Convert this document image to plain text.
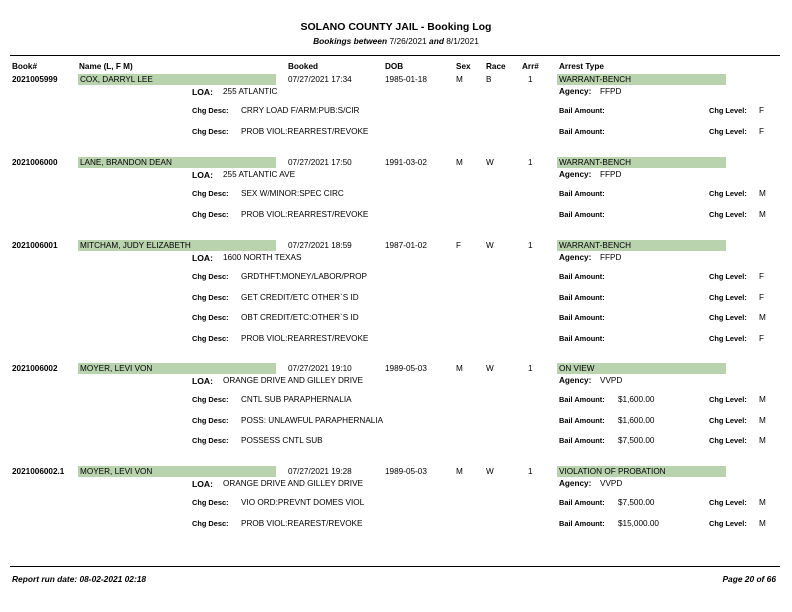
SOLANO COUNTY JAIL - Booking Log
Bookings between 7/26/2021 and 8/1/2021
Book#	Name (L, F M)	Booked	DOB	Sex Race Arr# Arrest Type
2021005999	COX, DARRYL LEE	07/27/2021 17:34	1985-01-18	M	B	1	WARRANT-BENCH
LOA: 255 ATLANTIC	Agency: FFPD
Chg Desc: CRRY LOAD F/ARM:PUB:S/CIR	Bail Amount:	Chg Level: F
Chg Desc: PROB VIOL:REARREST/REVOKE	Bail Amount:	Chg Level: F
2021006000	LANE, BRANDON DEAN	07/27/2021 17:50	1991-03-02	M	W	1	WARRANT-BENCH
LOA: 255 ATLANTIC AVE	Agency: FFPD
Chg Desc: SEX W/MINOR:SPEC CIRC	Bail Amount:	Chg Level: M
Chg Desc: PROB VIOL:REARREST/REVOKE	Bail Amount:	Chg Level: M
2021006001	MITCHAM, JUDY ELIZABETH	07/27/2021 18:59	1987-01-02	F	W	1	WARRANT-BENCH
LOA: 1600 NORTH TEXAS	Agency: FFPD
Chg Desc: GRDTHFT:MONEY/LABOR/PROP	Bail Amount:	Chg Level: F
Chg Desc: GET CREDIT/ETC OTHER`S ID	Bail Amount:	Chg Level: F
Chg Desc: OBT CREDIT/ETC:OTHER`S ID	Bail Amount:	Chg Level: M
Chg Desc: PROB VIOL:REARREST/REVOKE	Bail Amount:	Chg Level: F
2021006002	MOYER, LEVI VON	07/27/2021 19:10	1989-05-03	M	W	1	ON VIEW
LOA: ORANGE DRIVE AND GILLEY DRIVE	Agency: VVPD
Chg Desc: CNTL SUB PARAPHERNALIA	Bail Amount: $1,600.00	Chg Level: M
Chg Desc: POSS: UNLAWFUL PARAPHERNALIA	Bail Amount: $1,600.00	Chg Level: M
Chg Desc: POSSESS CNTL SUB	Bail Amount: $7,500.00	Chg Level: M
2021006002.1 MOYER, LEVI VON	07/27/2021 19:28	1989-05-03	M	W	1	VIOLATION OF PROBATION
LOA: ORANGE DRIVE AND GILLEY DRIVE	Agency: VVPD
Chg Desc: VIO ORD:PREVNT DOMES VIOL	Bail Amount: $7,500.00	Chg Level: M
Chg Desc: PROB VIOL:REAREST/REVOKE	Bail Amount: $15,000.00	Chg Level: M
Report run date: 08-02-2021 02:18	Page 20 of 66
